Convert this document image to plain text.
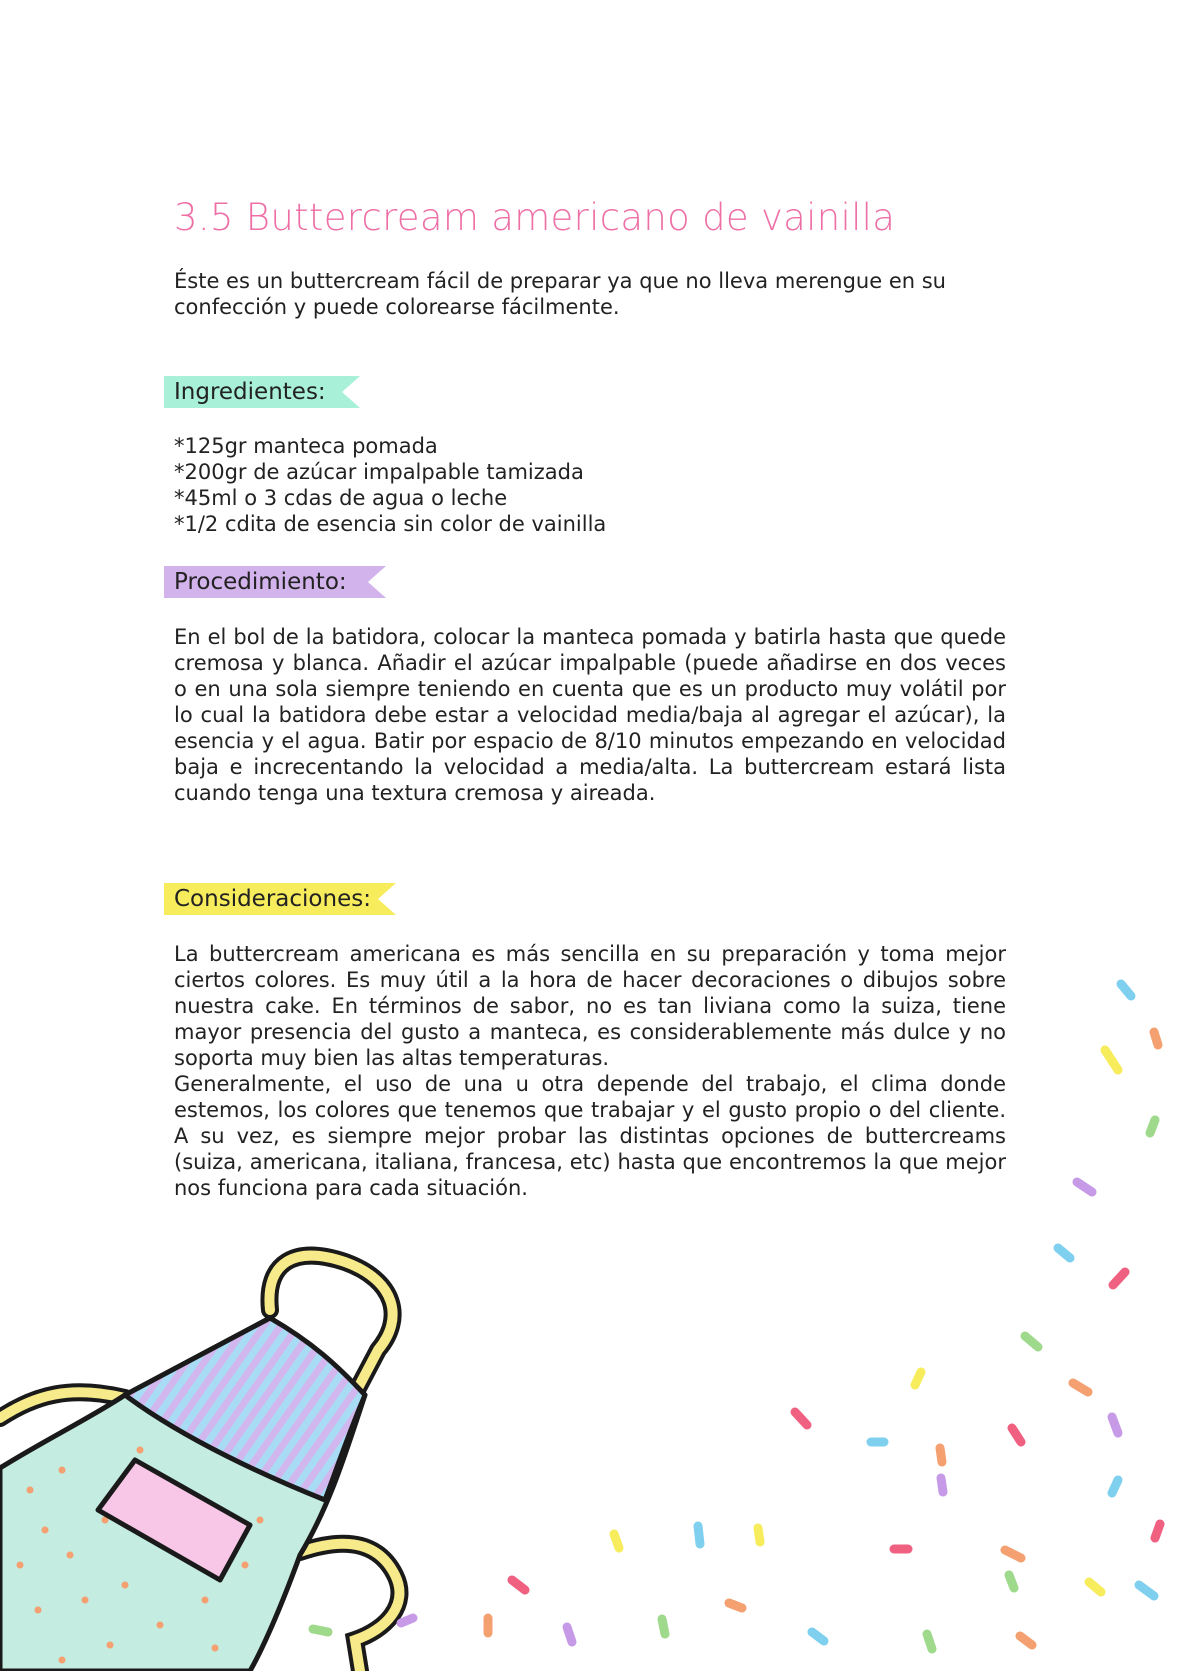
3.5 Buttercream americano de vainilla

Éste es un buttercream fácil de preparar ya que no lleva merengue en su confección y puede colorearse fácilmente.

Ingredientes:
*125gr manteca pomada
*200gr de azúcar impalpable tamizada
*45ml o 3 cdas de agua o leche
*1/2 cdita de esencia sin color de vainilla
Procedimiento:

En el bol de la batidora, colocar la manteca pomada y batirla hasta que quede cremosa y blanca. Añadir el azúcar impalpable (puede añadirse en dos veces o en una sola siempre teniendo en cuenta que es un producto muy volátil por lo cual la batidora debe estar a velocidad media/baja al agregar el azúcar), la esencia y el agua. Batir por espacio de 8/10 minutos empezando en velocidad baja e increcentando la velocidad a media/alta. La buttercream estará lista cuando tenga una textura cremosa y aireada.

Consideraciones:
La buttercream americana es más sencilla en su preparación y toma mejor ciertos colores. Es muy útil a la hora de hacer decoraciones o dibujos sobre nuestra cake. En términos de sabor, no es tan liviana como la suiza, tiene mayor presencia del gusto a manteca, es considerablemente más dulce y no soporta muy bien las altas temperaturas.
Generalmente, el uso de una u otra depende del trabajo, el clima donde estemos, los colores que tenemos que trabajar y el gusto propio o del cliente. A su vez, es siempre mejor probar las distintas opciones de buttercreams (suiza, americana, italiana, francesa, etc) hasta que encontremos la que mejor nos funciona para cada situación.
